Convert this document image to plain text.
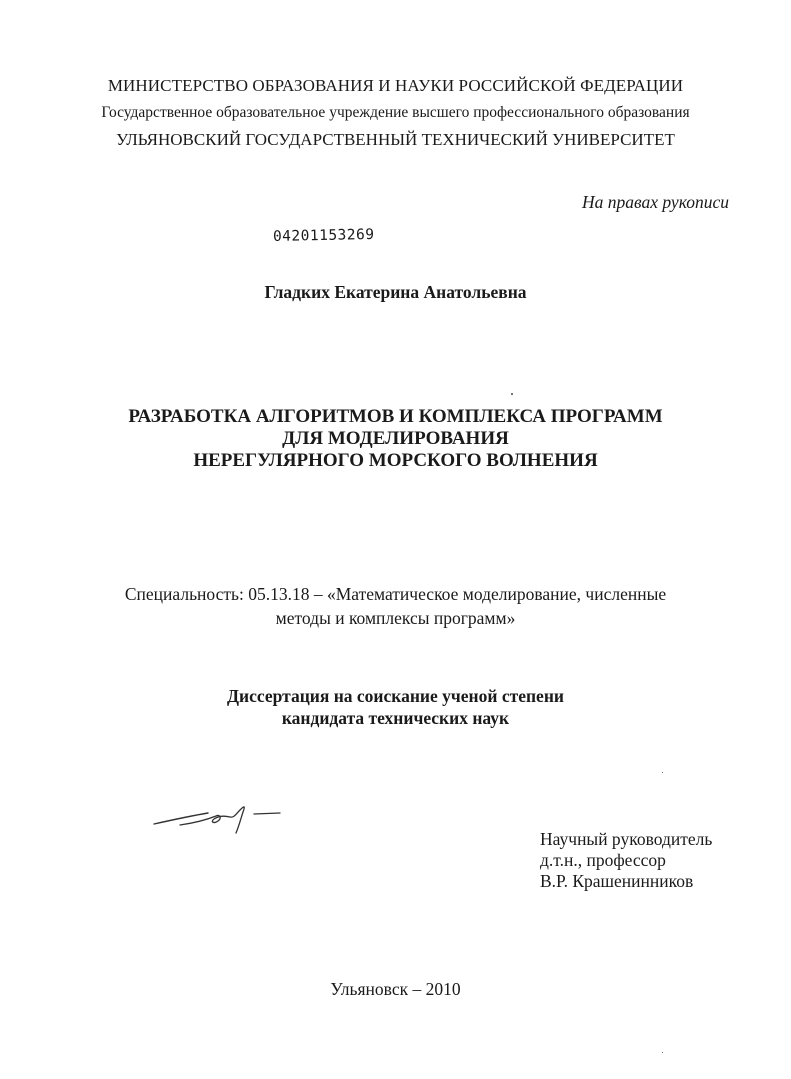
МИНИСТЕРСТВО ОБРАЗОВАНИЯ И НАУКИ РОССИЙСКОЙ ФЕДЕРАЦИИ
Государственное образовательное учреждение высшего профессионального образования
УЛЬЯНОВСКИЙ ГОСУДАРСТВЕННЫЙ ТЕХНИЧЕСКИЙ УНИВЕРСИТЕТ
На правах рукописи
04201153269
Гладких Екатерина Анатольевна
РАЗРАБОТКА АЛГОРИТМОВ И КОМПЛЕКСА ПРОГРАММ
ДЛЯ МОДЕЛИРОВАНИЯ
НЕРЕГУЛЯРНОГО МОРСКОГО ВОЛНЕНИЯ
Специальность: 05.13.18 – «Математическое моделирование, численные
методы и комплексы программ»
Диссертация на соискание ученой степени
кандидата технических наук
Научный руководитель
д.т.н., профессор
В.Р. Крашенинников
Ульяновск – 2010
